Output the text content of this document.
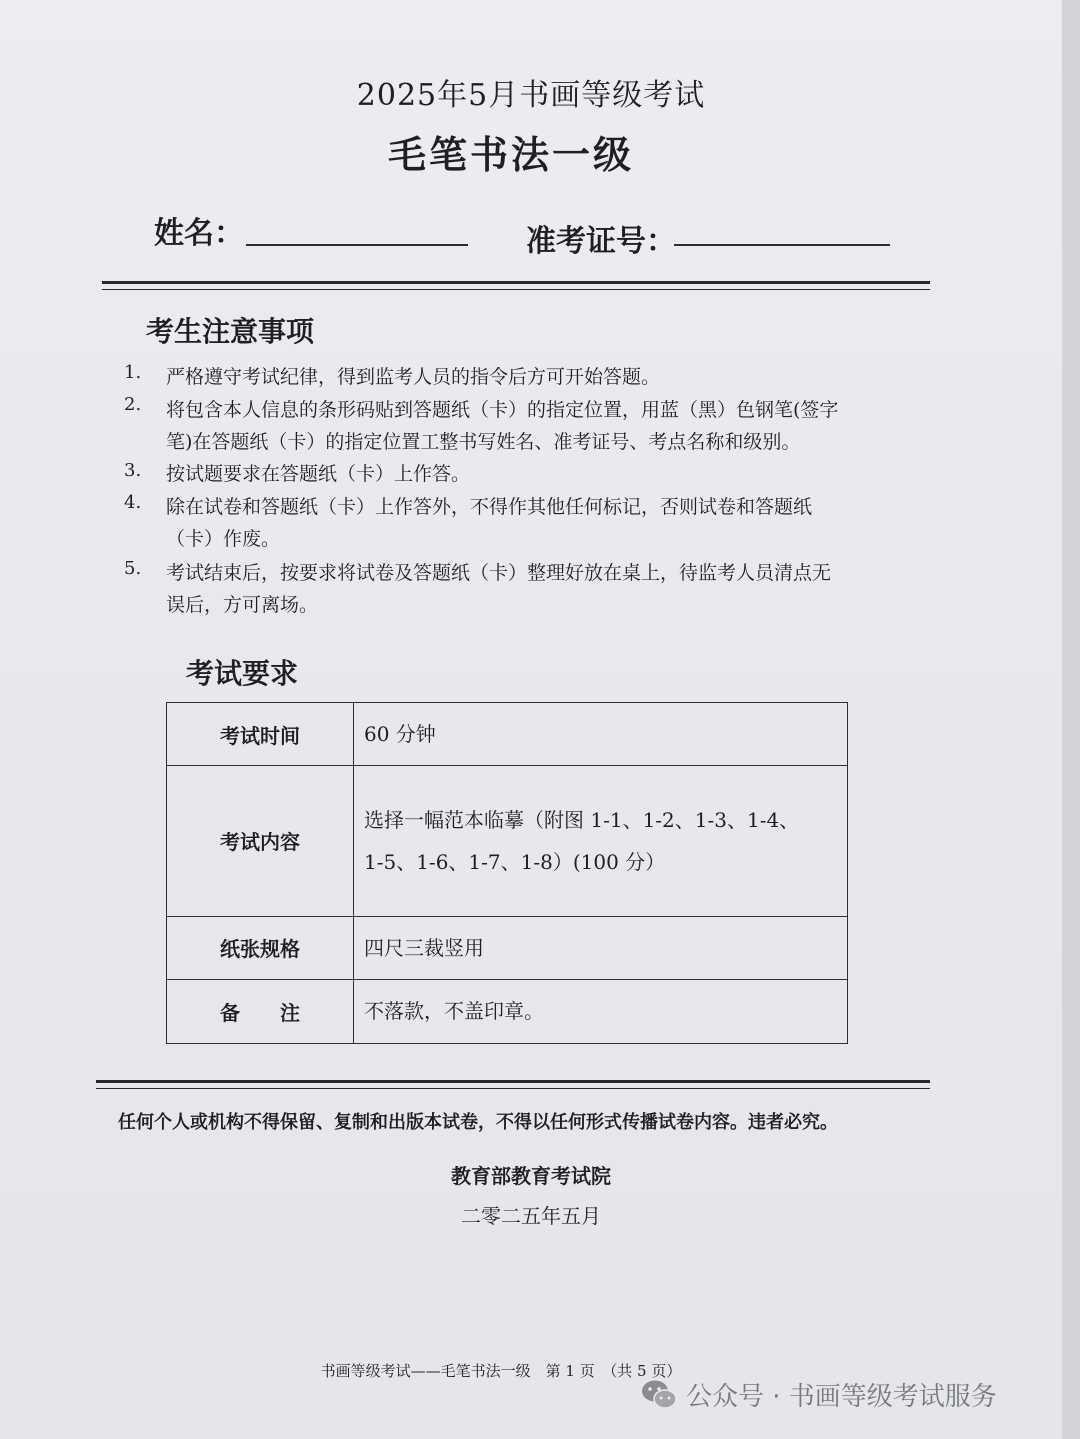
2025年5月书画等级考试
毛笔书法一级
姓名：	准考证号：
考生注意事项
1.	严格遵守考试纪律，得到监考人员的指令后方可开始答题。
2.	将包含本人信息的条形码贴到答题纸（卡）的指定位置，用蓝（黑）色钢笔(签字
笔)在答题纸（卡）的指定位置工整书写姓名、准考证号、考点名称和级别。
3.	按试题要求在答题纸（卡）上作答。
4.	除在试卷和答题纸（卡）上作答外，不得作其他任何标记，否则试卷和答题纸
（卡）作废。
5.	考试结束后，按要求将试卷及答题纸（卡）整理好放在桌上，待监考人员清点无
误后，方可离场。
考试要求
考试时间	60 分钟
考试内容	选择一幅范本临摹（附图 1-1、1-2、1-3、1-4、
1-5、1-6、1-7、1-8）(100 分）

纸张规格	四尺三裁竖用
备　　注	不落款，不盖印章。
任何个人或机构不得保留、复制和出版本试卷，不得以任何形式传播试卷内容。违者必究。
教育部教育考试院
二零二五年五月
书画等级考试——毛笔书法一级　第 1 页　（共 5 页）
公众号 · 书画等级考试服务
